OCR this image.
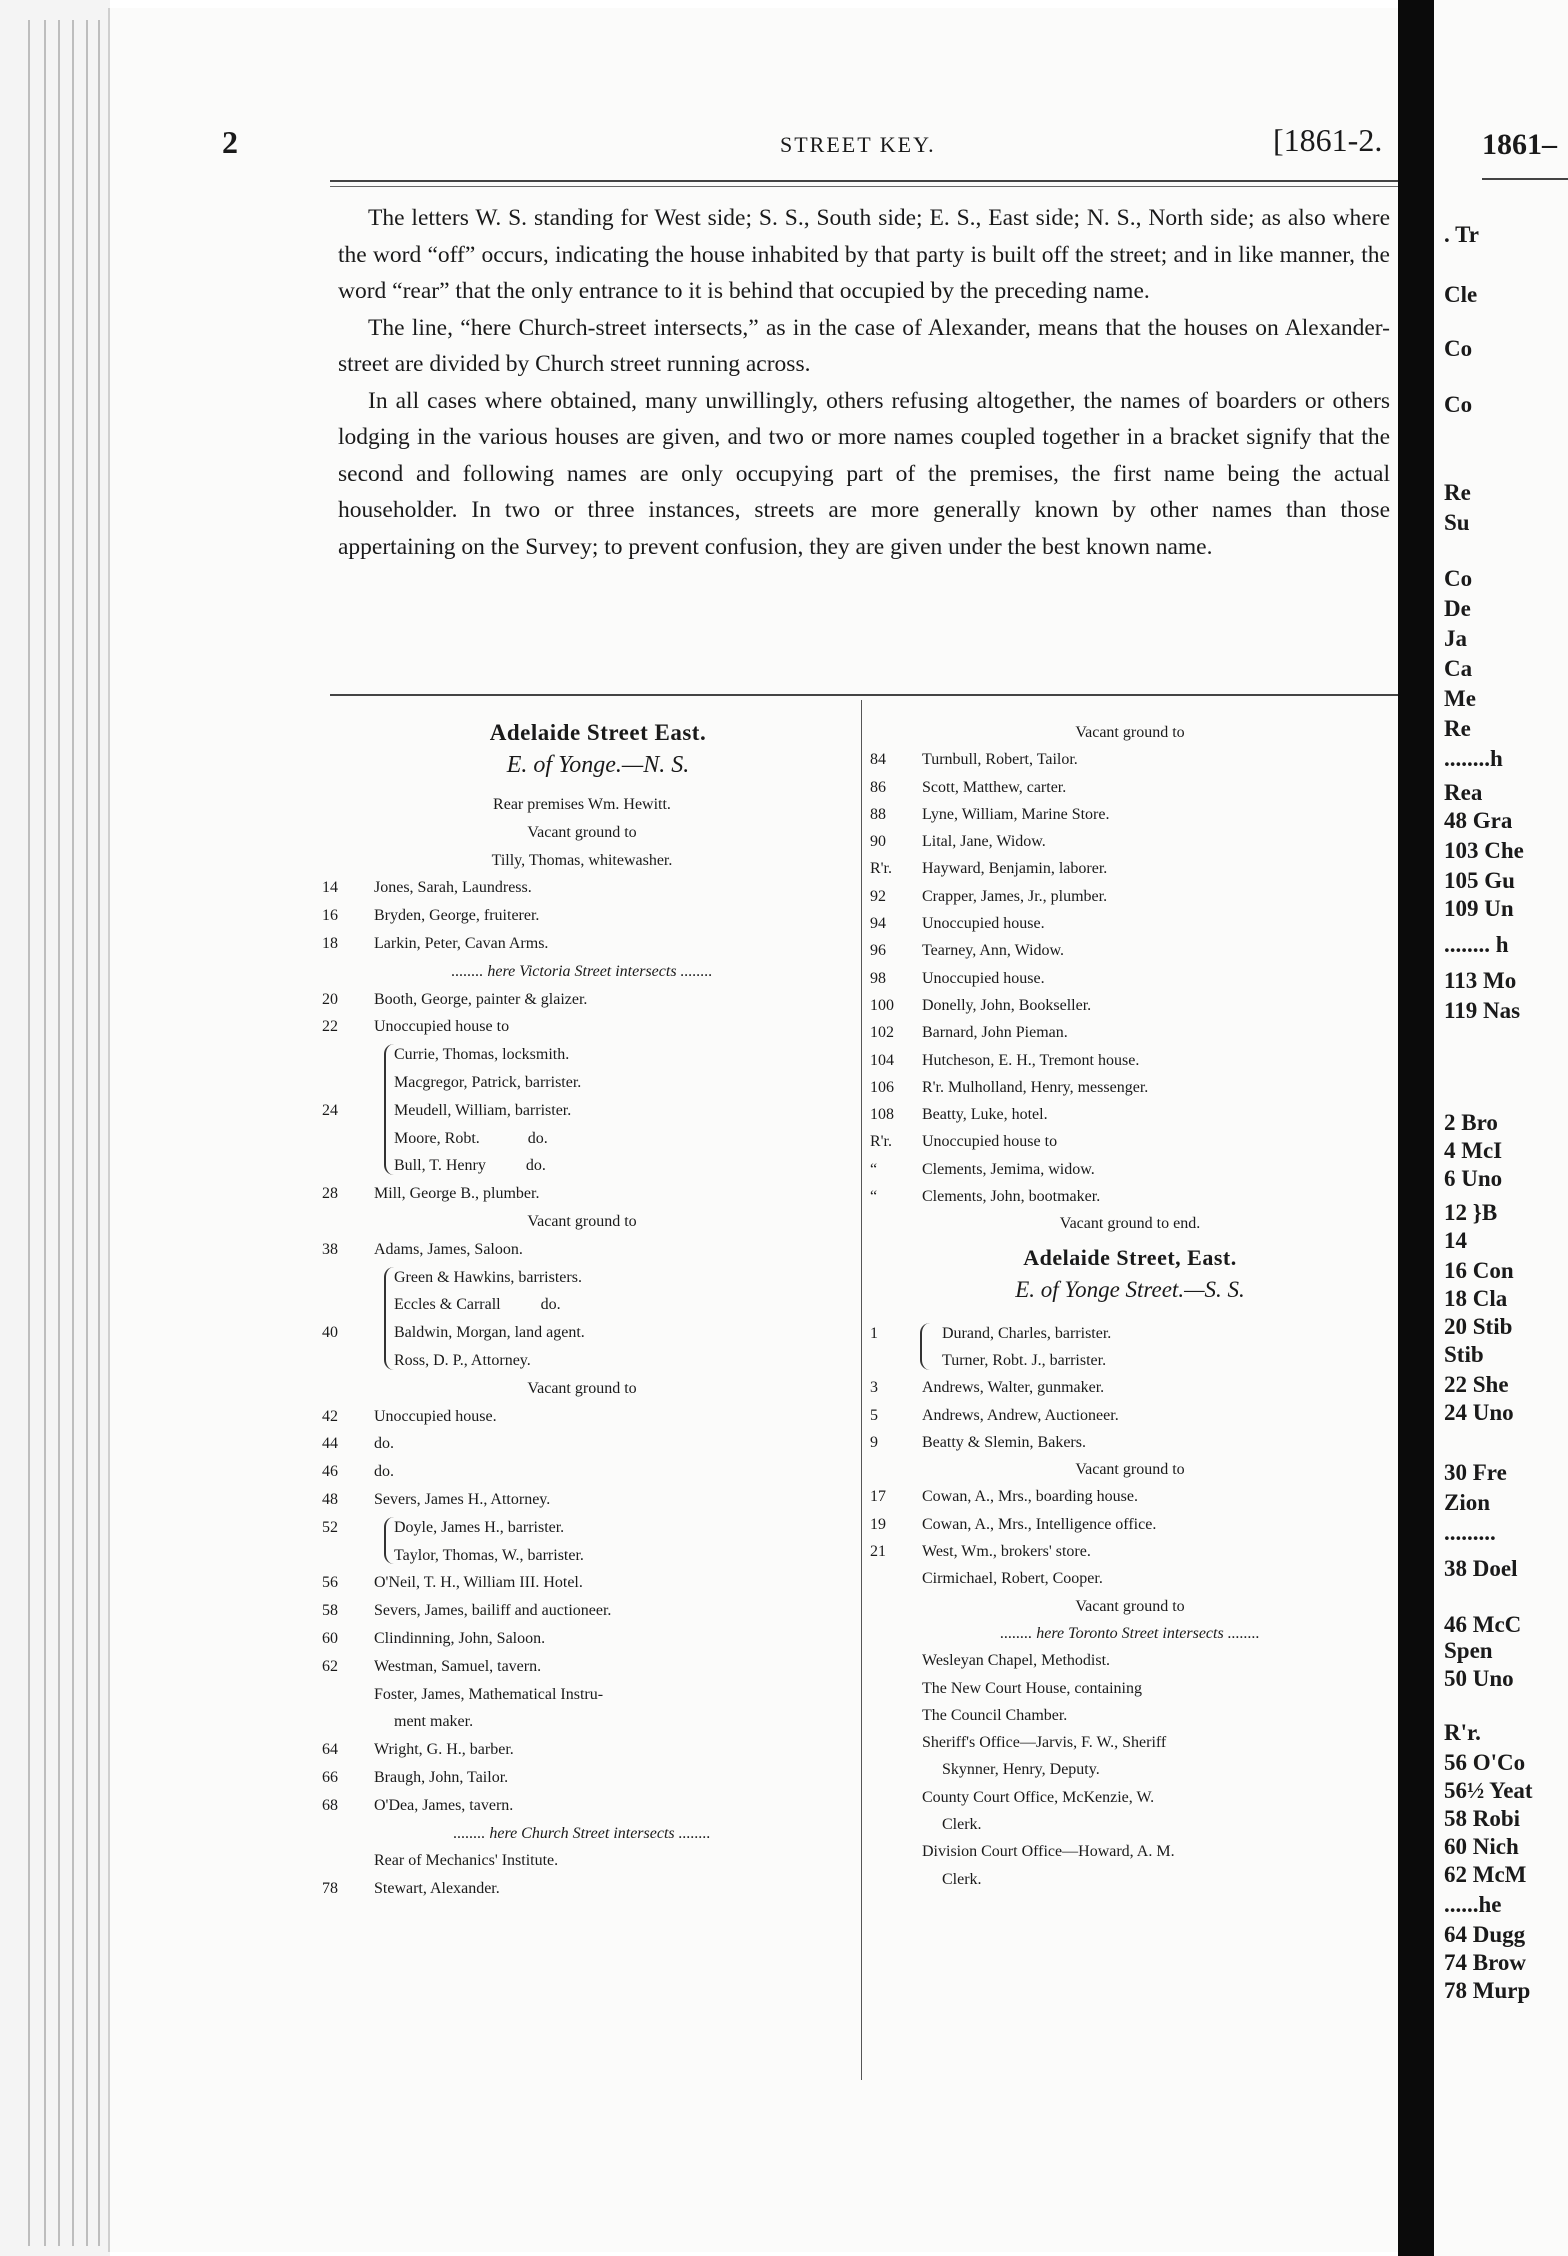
2	STREET KEY.	[1861-2.

The letters W. S. standing for West side; S. S., South side; E. S., East side; N. S., North side; as also where the word “off” occurs, indicating the house inhabited by that party is built off the street; and in like manner, the word “rear” that the only entrance to it is behind that occupied by the preceding name.

The line, “here Church-street intersects,” as in the case of Alexander, means that the houses on Alexander-street are divided by Church street running across.

In all cases where obtained, many unwillingly, others refusing altogether, the names of boarders or others lodging in the various houses are given, and two or more names coupled together in a bracket signify that the second and following names are only occupying part of the premises, the first name being the actual householder. In two or three instances, streets are more generally known by other names than those appertaining on the Survey; to prevent confusion, they are given under the best known name.

Adelaide Street East.
E. of Yonge.—N. S.
Rear premises Wm. Hewitt.
Vacant ground to
Tilly, Thomas, whitewasher.
14	Jones, Sarah, Laundress.
16	Bryden, George, fruiterer.
18	Larkin, Peter, Cavan Arms.
........ here Victoria Street intersects ........
20	Booth, George, painter & glaizer.
22	Unoccupied house to
Currie, Thomas, locksmith.
Macgregor, Patrick, barrister.
24	Meudell, William, barrister.
Moore, Robt.            do.
Bull, T. Henry          do.
28	Mill, George B., plumber.
Vacant ground to
38	Adams, James, Saloon.
Green & Hawkins, barristers.
Eccles & Carrall          do.
40	Baldwin, Morgan, land agent.
Ross, D. P., Attorney.
Vacant ground to
42	Unoccupied house.
44	do.
46	do.
48	Severs, James H., Attorney.
52	Doyle, James H., barrister.
Taylor, Thomas, W., barrister.
56	O'Neil, T. H., William III. Hotel.
58	Severs, James, bailiff and auctioneer.
60	Clindinning, John, Saloon.
62	Westman, Samuel, tavern.
Foster, James, Mathematical Instru-
ment maker.
64	Wright, G. H., barber.
66	Braugh, John, Tailor.
68	O'Dea, James, tavern.
........ here Church Street intersects ........
Rear of Mechanics' Institute.
78	Stewart, Alexander.
Vacant ground to
84	Turnbull, Robert, Tailor.
86	Scott, Matthew, carter.
88	Lyne, William, Marine Store.
90	Lital, Jane, Widow.
R'r.	Hayward, Benjamin, laborer.
92	Crapper, James, Jr., plumber.
94	Unoccupied house.
96	Tearney, Ann, Widow.
98	Unoccupied house.
100	Donelly, John, Bookseller.
102	Barnard, John Pieman.
104	Hutcheson, E. H., Tremont house.
106	R'r. Mulholland, Henry, messenger.
108	Beatty, Luke, hotel.
R'r.	Unoccupied house to
“	Clements, Jemima, widow.
“	Clements, John, bootmaker.
Vacant ground to end.
Adelaide Street, East.
E. of Yonge Street.—S. S.
1	Durand, Charles, barrister.
Turner, Robt. J., barrister.
3	Andrews, Walter, gunmaker.
5	Andrews, Andrew, Auctioneer.
9	Beatty & Slemin, Bakers.
Vacant ground to
17	Cowan, A., Mrs., boarding house.
19	Cowan, A., Mrs., Intelligence office.
21	West, Wm., brokers' store.
Cirmichael, Robert, Cooper.
Vacant ground to
........ here Toronto Street intersects ........
Wesleyan Chapel, Methodist.
The New Court House, containing
The Council Chamber.
Sheriff's Office—Jarvis, F. W., Sheriff
Skynner, Henry, Deputy.
County Court Office, McKenzie, W.
Clerk.
Division Court Office—Howard, A. M.
Clerk.
1861–
. Tr
Cle
Co
Co
Re
Su
Co
De
Ja
Ca
Me
Re
........h
Rea
48 Gra
103 Che
105 Gu
109 Un
........ h
113 Mo
119 Nas
2 Bro
4 McI
6 Uno
12 }B
14
16 Con
18 Cla
20 Stib
Stib
22 She
24 Uno
30 Fre
Zion
.........
38 Doel
46 McC
Spen
50 Uno
R'r.
56 O'Co
56½ Yeat
58 Robi
60 Nich
62 McM
......he
64 Dugg
74 Brow
78 Murp
